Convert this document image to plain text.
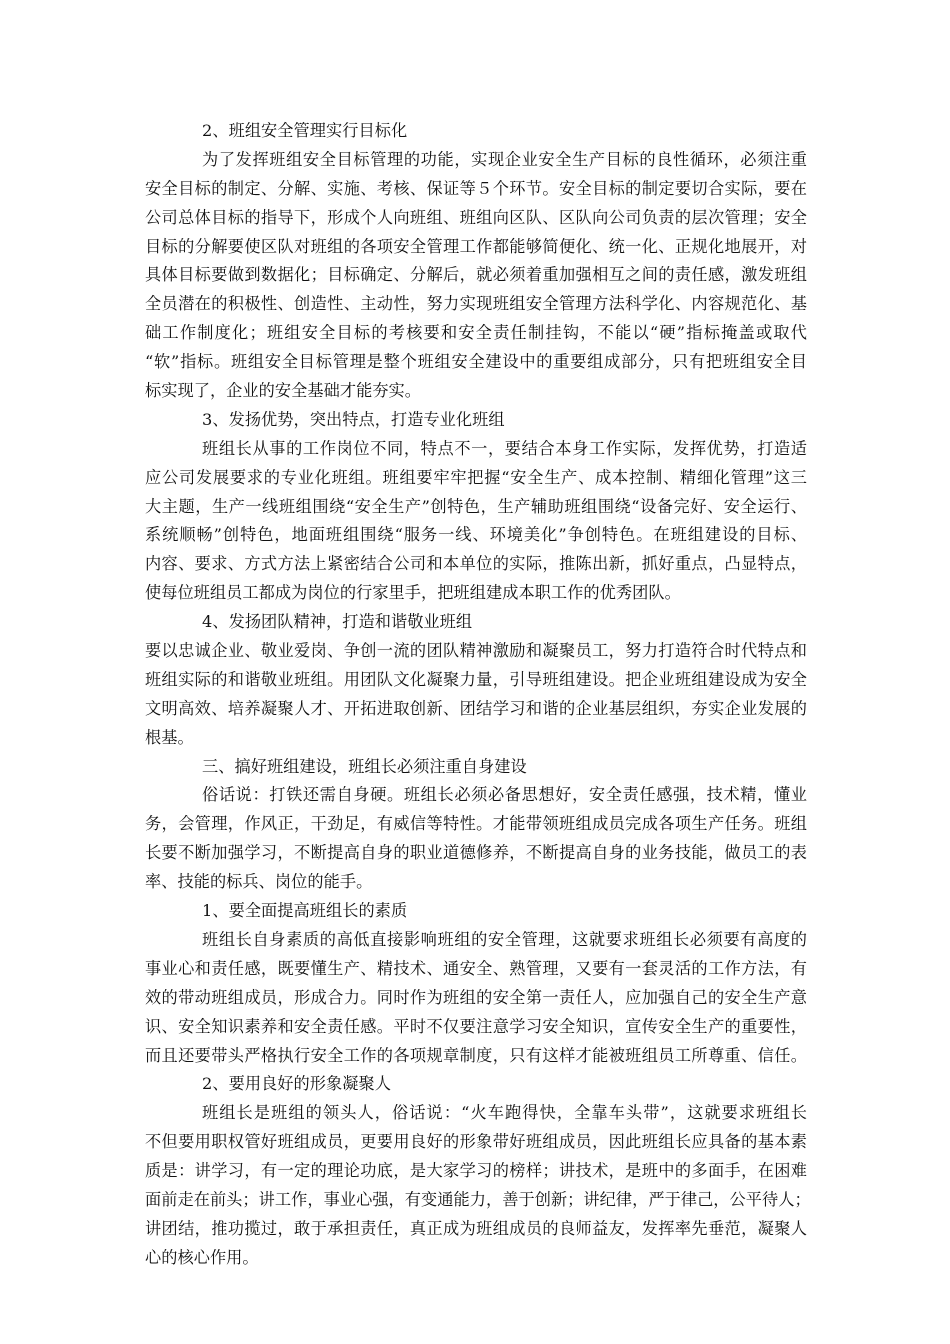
2、班组安全管理实行目标化
为了发挥班组安全目标管理的功能，实现企业安全生产目标的良性循环，必须注重
安全目标的制定、分解、实施、考核、保证等５个环节。安全目标的制定要切合实际，要在
公司总体目标的指导下，形成个人向班组、班组向区队、区队向公司负责的层次管理；安全
目标的分解要使区队对班组的各项安全管理工作都能够简便化、统一化、正规化地展开，对
具体目标要做到数据化；目标确定、分解后，就必须着重加强相互之间的责任感，激发班组
全员潜在的积极性、创造性、主动性，努力实现班组安全管理方法科学化、内容规范化、基
础工作制度化；班组安全目标的考核要和安全责任制挂钩，不能以“硬”指标掩盖或取代
“软”指标。班组安全目标管理是整个班组安全建设中的重要组成部分，只有把班组安全目
标实现了，企业的安全基础才能夯实。
3、发扬优势，突出特点，打造专业化班组
班组长从事的工作岗位不同，特点不一，要结合本身工作实际，发挥优势，打造适
应公司发展要求的专业化班组。班组要牢牢把握“安全生产、成本控制、精细化管理”这三
大主题，生产一线班组围绕“安全生产”创特色，生产辅助班组围绕“设备完好、安全运行、
系统顺畅”创特色，地面班组围绕“服务一线、环境美化”争创特色。在班组建设的目标、
内容、要求、方式方法上紧密结合公司和本单位的实际，推陈出新，抓好重点，凸显特点，
使每位班组员工都成为岗位的行家里手，把班组建成本职工作的优秀团队。
4、发扬团队精神，打造和谐敬业班组
要以忠诚企业、敬业爱岗、争创一流的团队精神激励和凝聚员工，努力打造符合时代特点和
班组实际的和谐敬业班组。用团队文化凝聚力量，引导班组建设。把企业班组建设成为安全
文明高效、培养凝聚人才、开拓进取创新、团结学习和谐的企业基层组织，夯实企业发展的
根基。
三、搞好班组建设，班组长必须注重自身建设
俗话说：打铁还需自身硬。班组长必须必备思想好，安全责任感强，技术精，懂业
务，会管理，作风正，干劲足，有威信等特性。才能带领班组成员完成各项生产任务。班组
长要不断加强学习，不断提高自身的职业道德修养，不断提高自身的业务技能，做员工的表
率、技能的标兵、岗位的能手。
1、要全面提高班组长的素质
班组长自身素质的高低直接影响班组的安全管理，这就要求班组长必须要有高度的
事业心和责任感，既要懂生产、精技术、通安全、熟管理，又要有一套灵活的工作方法，有
效的带动班组成员，形成合力。同时作为班组的安全第一责任人，应加强自己的安全生产意
识、安全知识素养和安全责任感。平时不仅要注意学习安全知识，宣传安全生产的重要性，
而且还要带头严格执行安全工作的各项规章制度，只有这样才能被班组员工所尊重、信任。
2、要用良好的形象凝聚人
班组长是班组的领头人，俗话说：“火车跑得快，全靠车头带”，这就要求班组长
不但要用职权管好班组成员，更要用良好的形象带好班组成员，因此班组长应具备的基本素
质是：讲学习，有一定的理论功底，是大家学习的榜样；讲技术，是班中的多面手，在困难
面前走在前头；讲工作，事业心强，有变通能力，善于创新；讲纪律，严于律己，公平待人；
讲团结，推功揽过，敢于承担责任，真正成为班组成员的良师益友，发挥率先垂范，凝聚人
心的核心作用。
